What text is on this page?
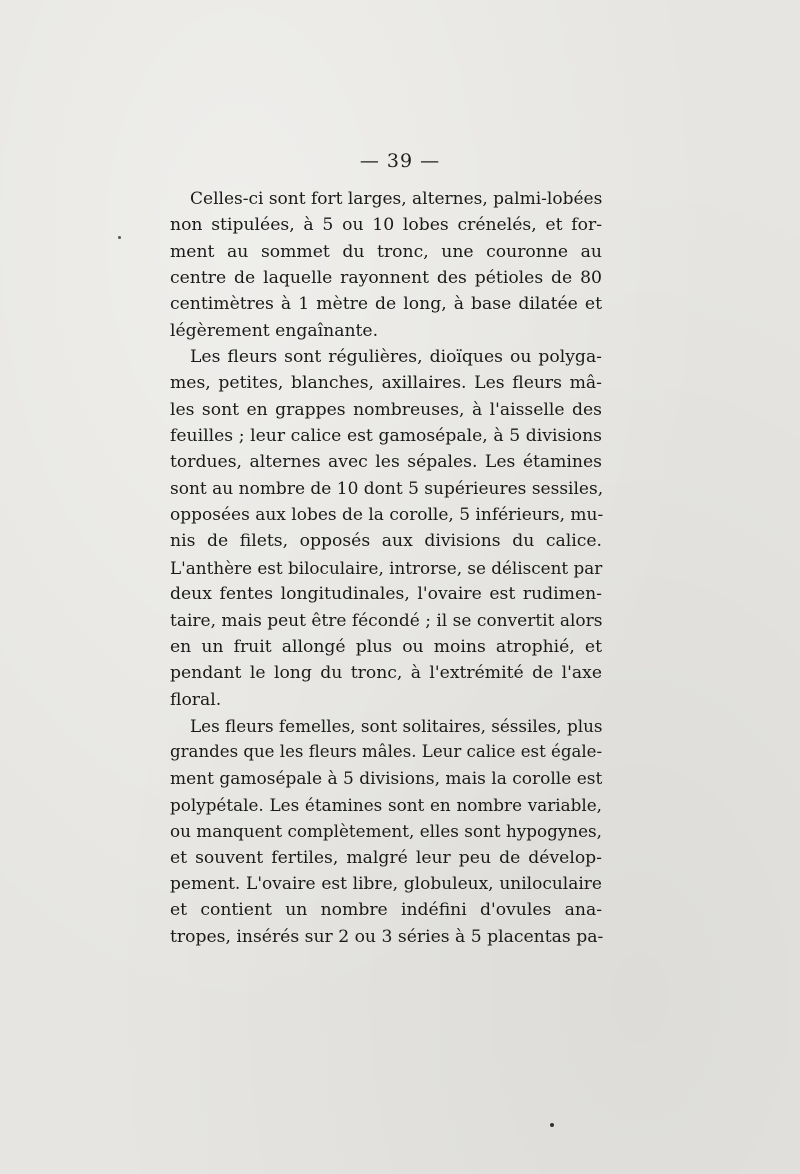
— 39 —
Celles-ci sont fort larges, alternes, palmi-lobées
non stipulées, à 5 ou 10 lobes crénelés, et for-
ment au sommet du tronc, une couronne au
centre de laquelle rayonnent des pétioles de 80
centimètres à 1 mètre de long, à base dilatée et
légèrement engaînante.
Les fleurs sont régulières, dioïques ou polyga-
mes, petites, blanches, axillaires. Les fleurs mâ-
les sont en grappes nombreuses, à l'aisselle des
feuilles ; leur calice est gamosépale, à 5 divisions
tordues, alternes avec les sépales. Les étamines
sont au nombre de 10 dont 5 supérieures sessiles,
opposées aux lobes de la corolle, 5 inférieurs, mu-
nis de filets, opposés aux divisions du calice.
L'anthère est biloculaire, introrse, se déliscent par
deux fentes longitudinales, l'ovaire est rudimen-
taire, mais peut être fécondé ; il se convertit alors
en un fruit allongé plus ou moins atrophié, et
pendant le long du tronc, à l'extrémité de l'axe
floral.
Les fleurs femelles, sont solitaires, séssiles, plus
grandes que les fleurs mâles. Leur calice est égale-
ment gamosépale à 5 divisions, mais la corolle est
polypétale. Les étamines sont en nombre variable,
ou manquent complètement, elles sont hypogynes,
et souvent fertiles, malgré leur peu de dévelop-
pement. L'ovaire est libre, globuleux, uniloculaire
et contient un nombre indéfini d'ovules ana-
tropes, insérés sur 2 ou 3 séries à 5 placentas pa-
